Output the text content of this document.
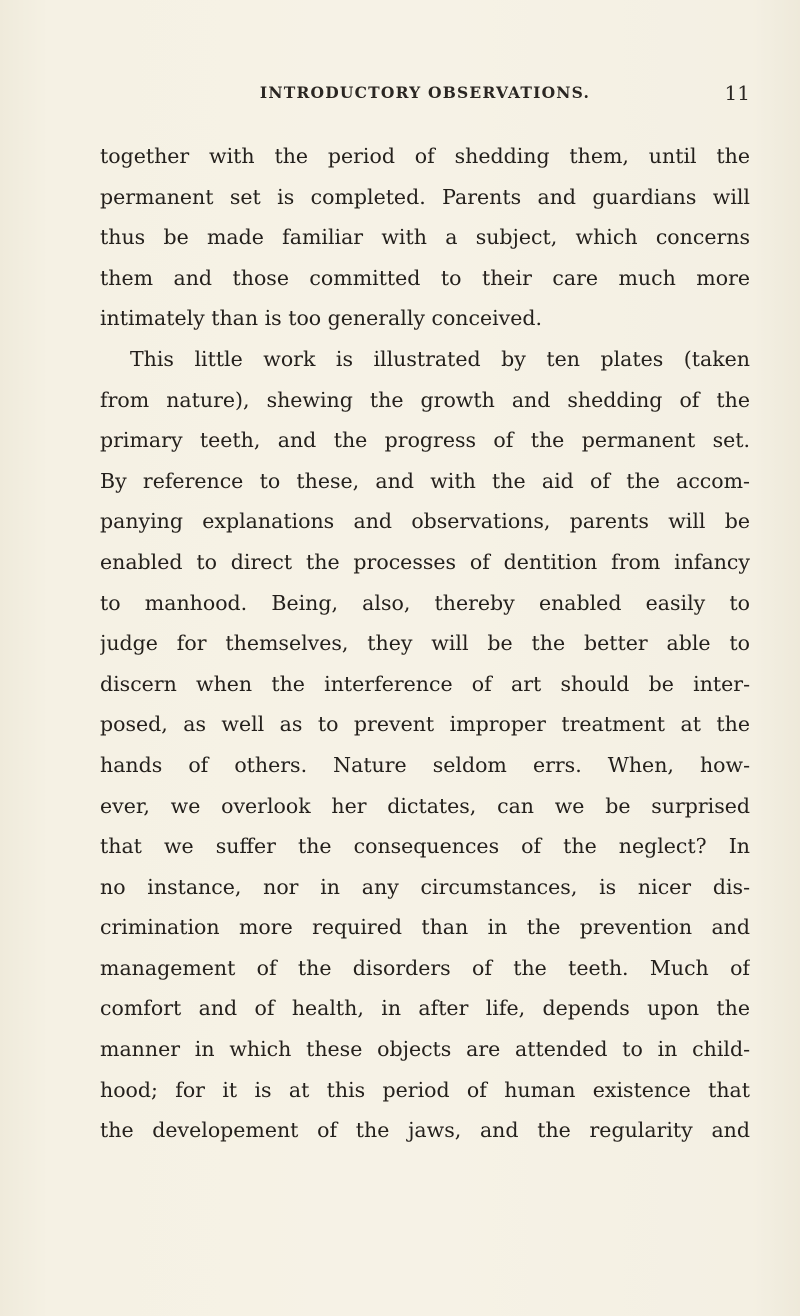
INTRODUCTORY OBSERVATIONS.	11
together with the period of shedding them, until the
permanent set is completed. Parents and guardians will
thus be made familiar with a subject, which concerns
them and those committed to their care much more
intimately than is too generally conceived.
This little work is illustrated by ten plates (taken
from nature), shewing the growth and shedding of the
primary teeth, and the progress of the permanent set.
By reference to these, and with the aid of the accom-
panying explanations and observations, parents will be
enabled to direct the processes of dentition from infancy
to manhood. Being, also, thereby enabled easily to
judge for themselves, they will be the better able to
discern when the interference of art should be inter-
posed, as well as to prevent improper treatment at the
hands of others. Nature seldom errs. When, how-
ever, we overlook her dictates, can we be surprised
that we suffer the consequences of the neglect? In
no instance, nor in any circumstances, is nicer dis-
crimination more required than in the prevention and
management of the disorders of the teeth. Much of
comfort and of health, in after life, depends upon the
manner in which these objects are attended to in child-
hood; for it is at this period of human existence that
the developement of the jaws, and the regularity and
